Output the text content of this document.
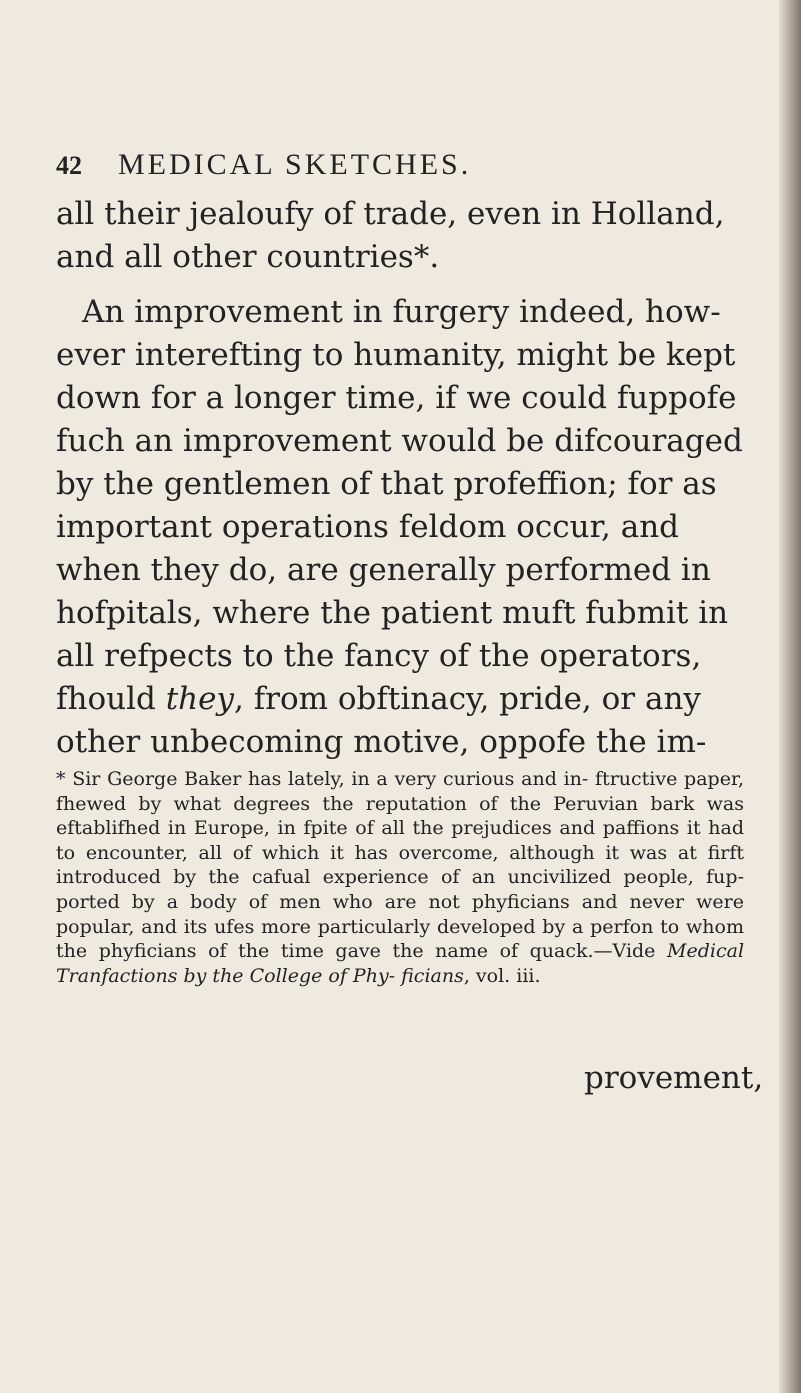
42	MEDICAL SKETCHES.

all their jealoufy of trade, even in Holland,

and all other countries*.

An improvement in furgery indeed, how- ever interefting to humanity, might be kept down for a longer time, if we could fuppofe fuch an improvement would be difcouraged by the gentlemen of that profeffion; for as important operations feldom occur, and when they do, are generally performed in hofpitals, where the patient muft fubmit in all refpects to the fancy of the operators, fhould they, from obftinacy, pride, or any other unbecoming motive, oppofe the im-

* Sir George Baker has lately, in a very curious and in- ftructive paper, fhewed by what degrees the reputation of the Peruvian bark was eftablifhed in Europe, in fpite of all the prejudices and paffions it had to encounter, all of which it has overcome, although it was at firft introduced by the cafual experience of an uncivilized people, fup- ported by a body of men who are not phyficians and never were popular, and its ufes more particularly developed by a perfon to whom the phyficians of the time gave the name of quack.—Vide Medical Tranfactions by the College of Phy- ficians, vol. iii.
provement,
